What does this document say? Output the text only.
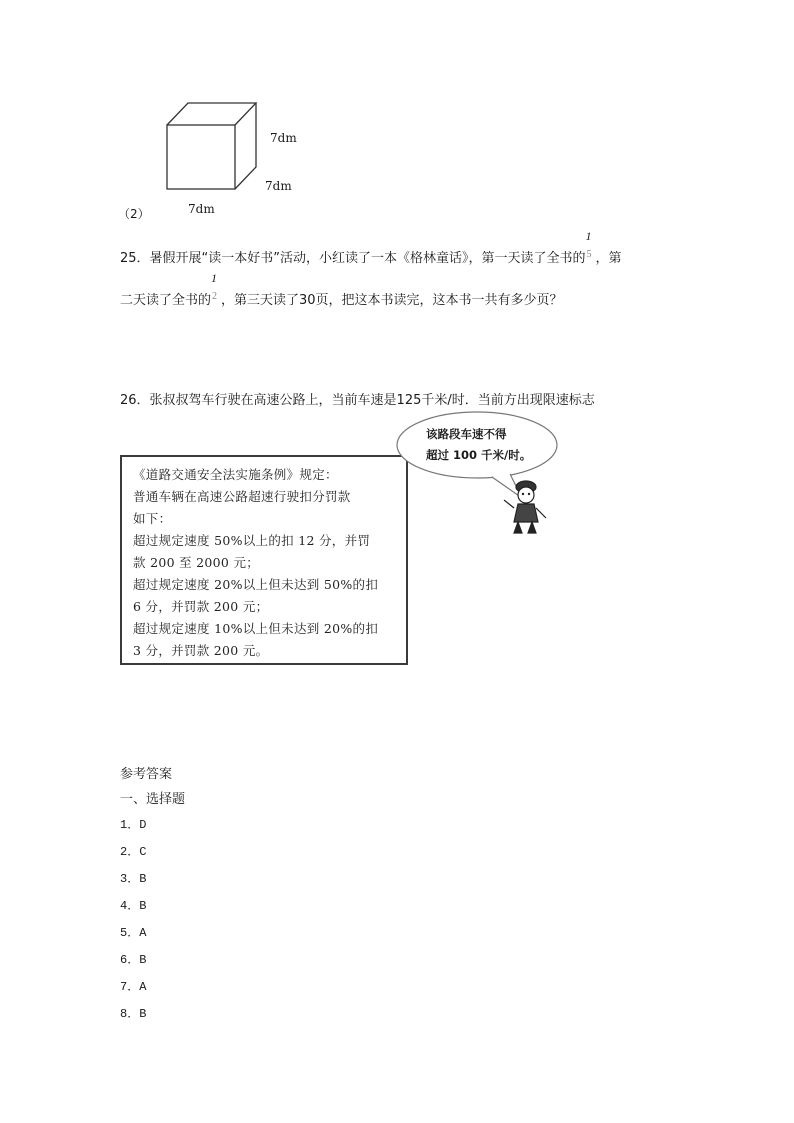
7dm
7dm
7dm
（2）
25．暑假开展“读一本好书”活动，小红读了一本《格林童话》，第一天读了全书的
1
5 ，第
二天读了全书的
1
2 ，第三天读了30页，把这本书读完，这本书一共有多少页？
26．张叔叔驾车行驶在高速公路上，当前车速是125千米/时．当前方出现限速标志
《道路交通安全法实施条例》规定：
普通车辆在高速公路超速行驶扣分罚款
如下：
超过规定速度 50%以上的扣 12 分，并罚
款 200 至 2000 元；
超过规定速度 20%以上但未达到 50%的扣
6 分，并罚款 200 元；
超过规定速度 10%以上但未达到 20%的扣
3 分，并罚款 200 元。
该路段车速不得
超过 100 千米/时。
参考答案
一、选择题
1．D
2．C
3．B
4．B
5．A
6．B
7．A
8．B
